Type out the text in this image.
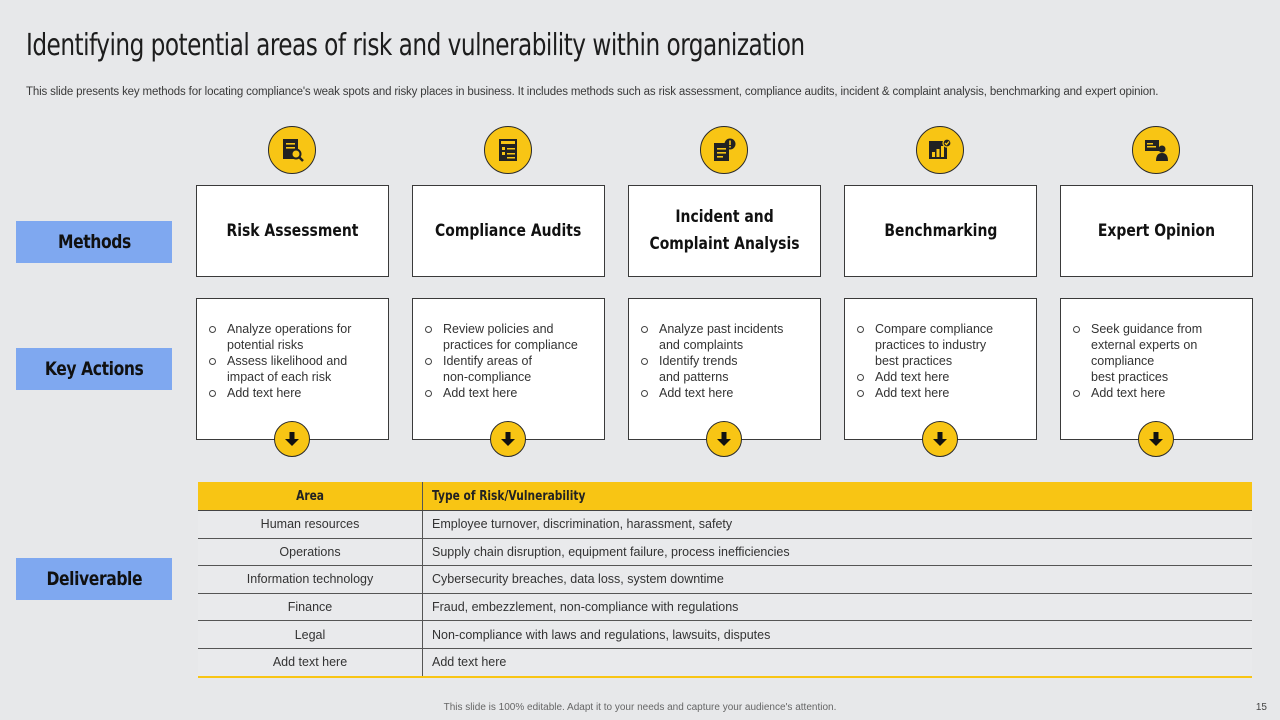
Identifying potential areas of risk and vulnerability within organization
This slide presents key methods for locating compliance's weak spots and risky places in business. It includes methods such as risk assessment, compliance audits, incident & complaint analysis, benchmarking and expert opinion.
Methods
Key Actions
Deliverable
Risk Assessment
Analyze operations for
potential risks
Assess likelihood and
impact of each risk
Add text here
Compliance Audits
Review policies and
practices for compliance
Identify areas of
non-compliance
Add text here
Incident and
Complaint Analysis
Analyze past incidents
and complaints
Identify trends
and patterns
Add text here
Benchmarking
Compare compliance
practices to industry
best practices
Add text here
Add text here
Expert Opinion
Seek guidance from
external experts on
compliance
best practices
Add text here
Area	Type of Risk/Vulnerability
Human resources	Employee turnover, discrimination, harassment, safety
Operations	Supply chain disruption, equipment failure, process inefficiencies
Information technology	Cybersecurity breaches, data loss, system downtime
Finance	Fraud, embezzlement, non-compliance with regulations
Legal	Non-compliance with laws and regulations, lawsuits, disputes
Add text here	Add text here
This slide is 100% editable. Adapt it to your needs and capture your audience's attention.	15
